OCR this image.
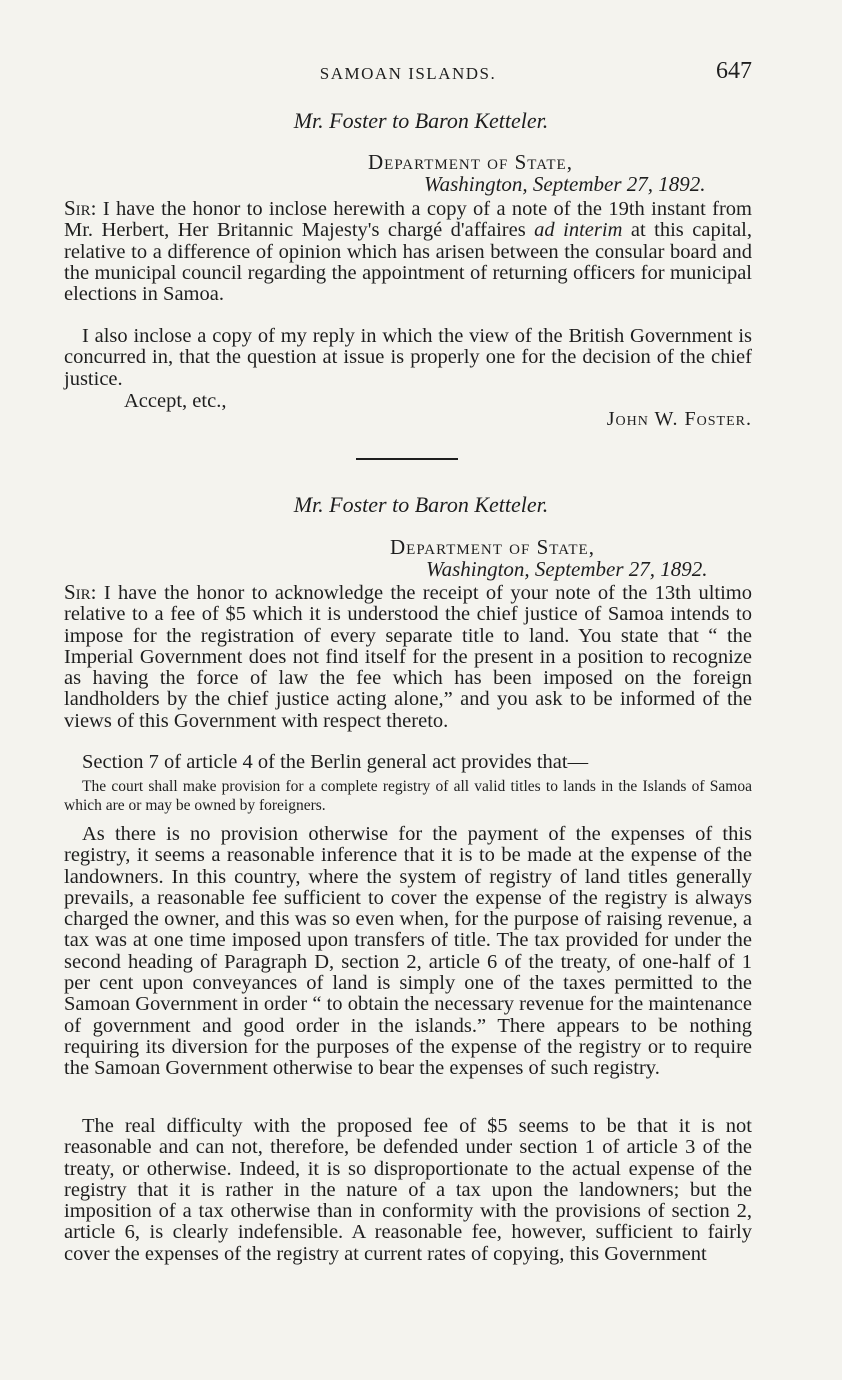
SAMOAN ISLANDS.	647
Mr. Foster to Baron Ketteler.
Department of State,
Washington, September 27, 1892.

Sir: I have the honor to inclose herewith a copy of a note of the 19th instant from Mr. Herbert, Her Britannic Majesty's chargé d'affaires ad interim at this capital, relative to a difference of opinion which has arisen between the consular board and the municipal council regarding the appointment of returning officers for municipal elections in Samoa.

I also inclose a copy of my reply in which the view of the British Government is concurred in, that the question at issue is properly one for the decision of the chief justice.

Accept, etc.,
John W. Foster.
Mr. Foster to Baron Ketteler.
Department of State,
Washington, September 27, 1892.

Sir: I have the honor to acknowledge the receipt of your note of the 13th ultimo relative to a fee of $5 which it is understood the chief justice of Samoa intends to impose for the registration of every separate title to land. You state that “ the Imperial Government does not find itself for the present in a position to recognize as having the force of law the fee which has been imposed on the foreign landholders by the chief justice acting alone,” and you ask to be informed of the views of this Government with respect thereto.

Section 7 of article 4 of the Berlin general act provides that—

The court shall make provision for a complete registry of all valid titles to lands in the Islands of Samoa which are or may be owned by foreigners.

As there is no provision otherwise for the payment of the expenses of this registry, it seems a reasonable inference that it is to be made at the expense of the landowners. In this country, where the system of registry of land titles generally prevails, a reasonable fee sufficient to cover the expense of the registry is always charged the owner, and this was so even when, for the purpose of raising revenue, a tax was at one time imposed upon transfers of title. The tax provided for under the second heading of Paragraph D, section 2, article 6 of the treaty, of one-half of 1 per cent upon conveyances of land is simply one of the taxes permitted to the Samoan Government in order “ to obtain the necessary revenue for the maintenance of government and good order in the islands.” There appears to be nothing requiring its diversion for the purposes of the expense of the registry or to require the Samoan Government otherwise to bear the expenses of such registry.

The real difficulty with the proposed fee of $5 seems to be that it is not reasonable and can not, therefore, be defended under section 1 of article 3 of the treaty, or otherwise. Indeed, it is so disproportionate to the actual expense of the registry that it is rather in the nature of a tax upon the landowners; but the imposition of a tax otherwise than in conformity with the provisions of section 2, article 6, is clearly indefensible. A reasonable fee, however, sufficient to fairly cover the expenses of the registry at current rates of copying, this Government
